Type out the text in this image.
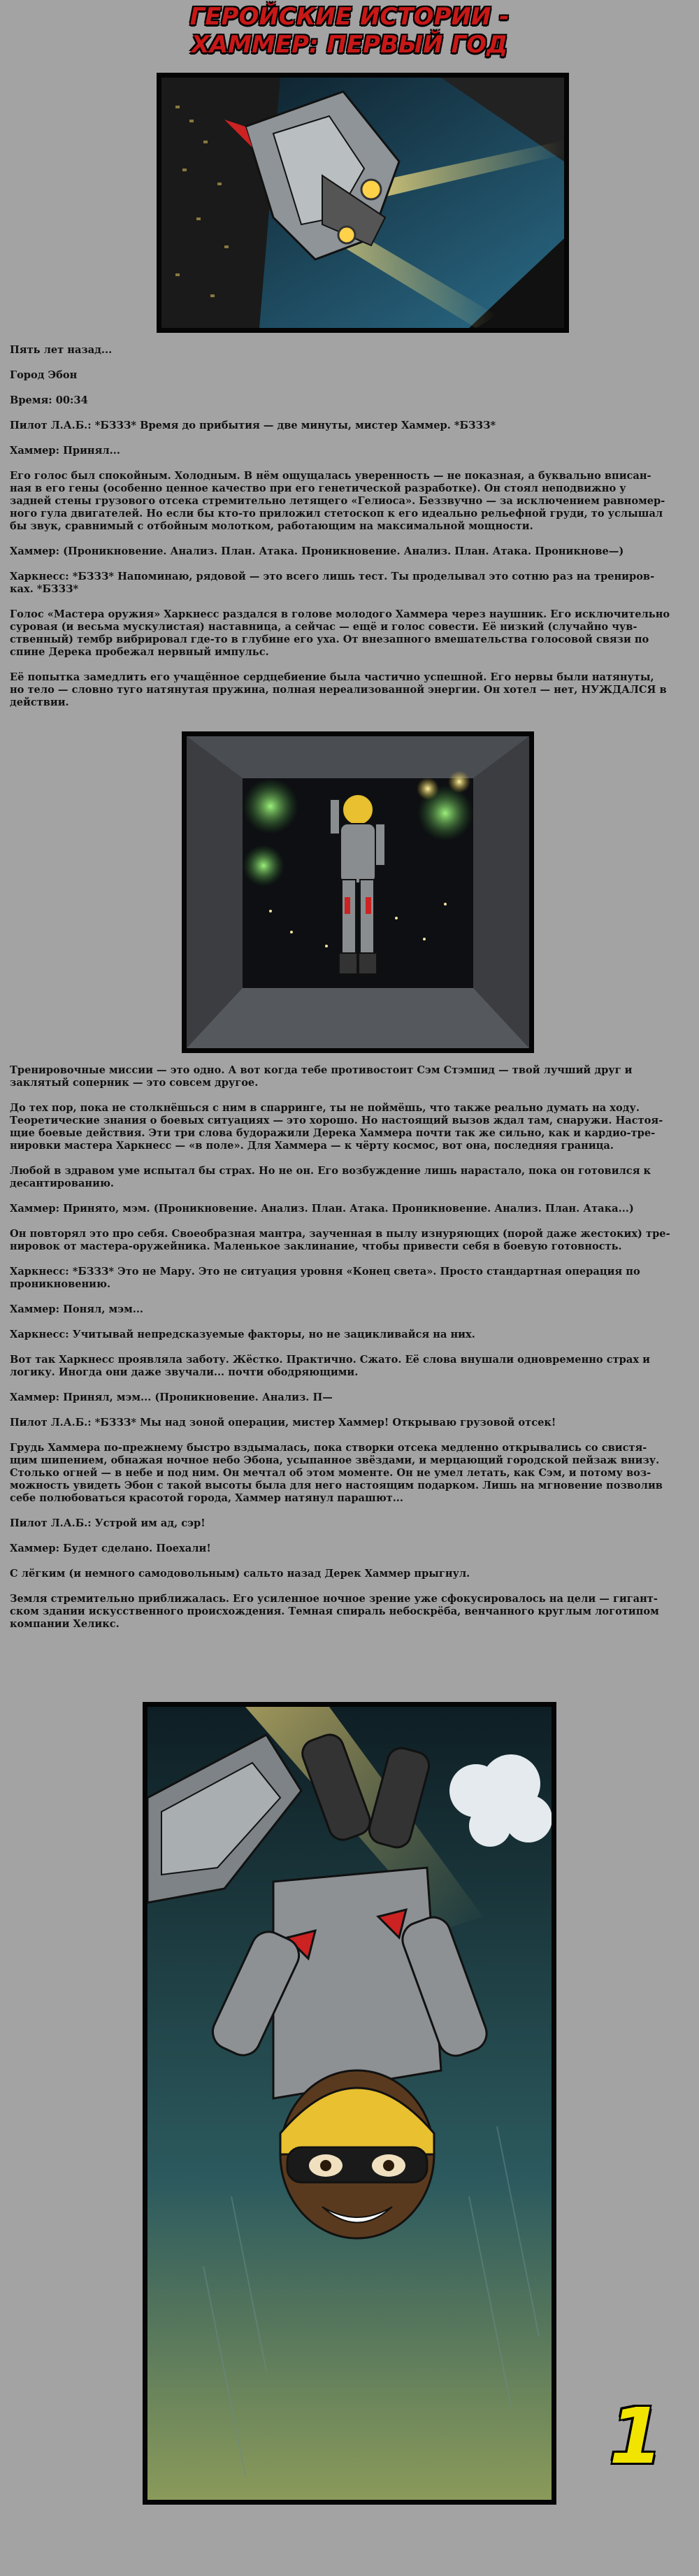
ГЕРОЙСКИЕ ИСТОРИИ -
ХАММЕР: ПЕРВЫЙ ГОД

Пять лет назад...

Город Эбон

Время: 00:34

Пилот Л.А.Б.: *БЗЗЗ* Время до прибытия — две минуты, мистер Хаммер. *БЗЗЗ*

Хаммер: Принял...

Его голос был спокойным. Холодным. В нём ощущалась уверенность — не показная, а буквально вписан-
ная в его гены (особенно ценное качество при его генетической разработке). Он стоял неподвижно у
задней стены грузового отсека стремительно летящего «Гелиоса». Беззвучно — за исключением равномер-
ного гула двигателей. Но если бы кто-то приложил стетоскоп к его идеально рельефной груди, то услышал
бы звук, сравнимый с отбойным молотком, работающим на максимальной мощности.

Хаммер: (Проникновение. Анализ. План. Атака. Проникновение. Анализ. План. Атака. Проникнове—)

Харкнесс: *БЗЗЗ* Напоминаю, рядовой — это всего лишь тест. Ты проделывал это сотню раз на трениров-
ках. *БЗЗЗ*

Голос «Мастера оружия» Харкнесс раздался в голове молодого Хаммера через наушник. Его исключительно
суровая (и весьма мускулистая) наставница, а сейчас — ещё и голос совести. Её низкий (случайно чув-
ственный) тембр вибрировал где-то в глубине его уха. От внезапного вмешательства голосовой связи по
спине Дерека пробежал нервный импульс.

Её попытка замедлить его учащённое сердцебиение была частично успешной. Его нервы были натянуты,
но тело — словно туго натянутая пружина, полная нереализованной энергии. Он хотел — нет, НУЖДАЛСЯ в
действии.

Тренировочные миссии — это одно. А вот когда тебе противостоит Сэм Стэмпид — твой лучший друг и
заклятый соперник — это совсем другое.

До тех пор, пока не столкнёшься с ним в спарринге, ты не поймёшь, что также реально думать на ходу.
Теоретические знания о боевых ситуациях — это хорошо. Но настоящий вызов ждал там, снаружи. Настоя-
щие боевые действия. Эти три слова будоражили Дерека Хаммера почти так же сильно, как и кардио-тре-
нировки мастера Харкнесс — «в поле». Для Хаммера — к чёрту космос, вот она, последняя граница.

Любой в здравом уме испытал бы страх. Но не он. Его возбуждение лишь нарастало, пока он готовился к
десантированию.

Хаммер: Принято, мэм. (Проникновение. Анализ. План. Атака. Проникновение. Анализ. План. Атака...)

Он повторял это про себя. Своеобразная мантра, заученная в пылу изнуряющих (порой даже жестоких) тре-
нировок от мастера-оружейника. Маленькое заклинание, чтобы привести себя в боевую готовность.

Харкнесс: *БЗЗЗ* Это не Мару. Это не ситуация уровня «Конец света». Просто стандартная операция по
проникновению.

Хаммер: Понял, мэм...

Харкнесс: Учитывай непредсказуемые факторы, но не зацикливайся на них.

Вот так Харкнесс проявляла заботу. Жёстко. Практично. Сжато. Её слова внушали одновременно страх и
логику. Иногда они даже звучали... почти ободряющими.

Хаммер: Принял, мэм... (Проникновение. Анализ. П—

Пилот Л.А.Б.: *БЗЗЗ* Мы над зоной операции, мистер Хаммер! Открываю грузовой отсек!

Грудь Хаммера по-прежнему быстро вздымалась, пока створки отсека медленно открывались со свистя-
щим шипением, обнажая ночное небо Эбона, усыпанное звёздами, и мерцающий городской пейзаж внизу.
Столько огней — в небе и под ним. Он мечтал об этом моменте. Он не умел летать, как Сэм, и потому воз-
можность увидеть Эбон с такой высоты была для него настоящим подарком. Лишь на мгновение позволив
себе полюбоваться красотой города, Хаммер натянул парашют...

Пилот Л.А.Б.: Устрой им ад, сэр!

Хаммер: Будет сделано. Поехали!

С лёгким (и немного самодовольным) сальто назад Дерек Хаммер прыгнул.

Земля стремительно приближалась. Его усиленное ночное зрение уже сфокусировалось на цели — гигант-
ском здании искусственного происхождения. Темная спираль небоскрёба, венчанного круглым логотипом
компании Хеликс.

1
